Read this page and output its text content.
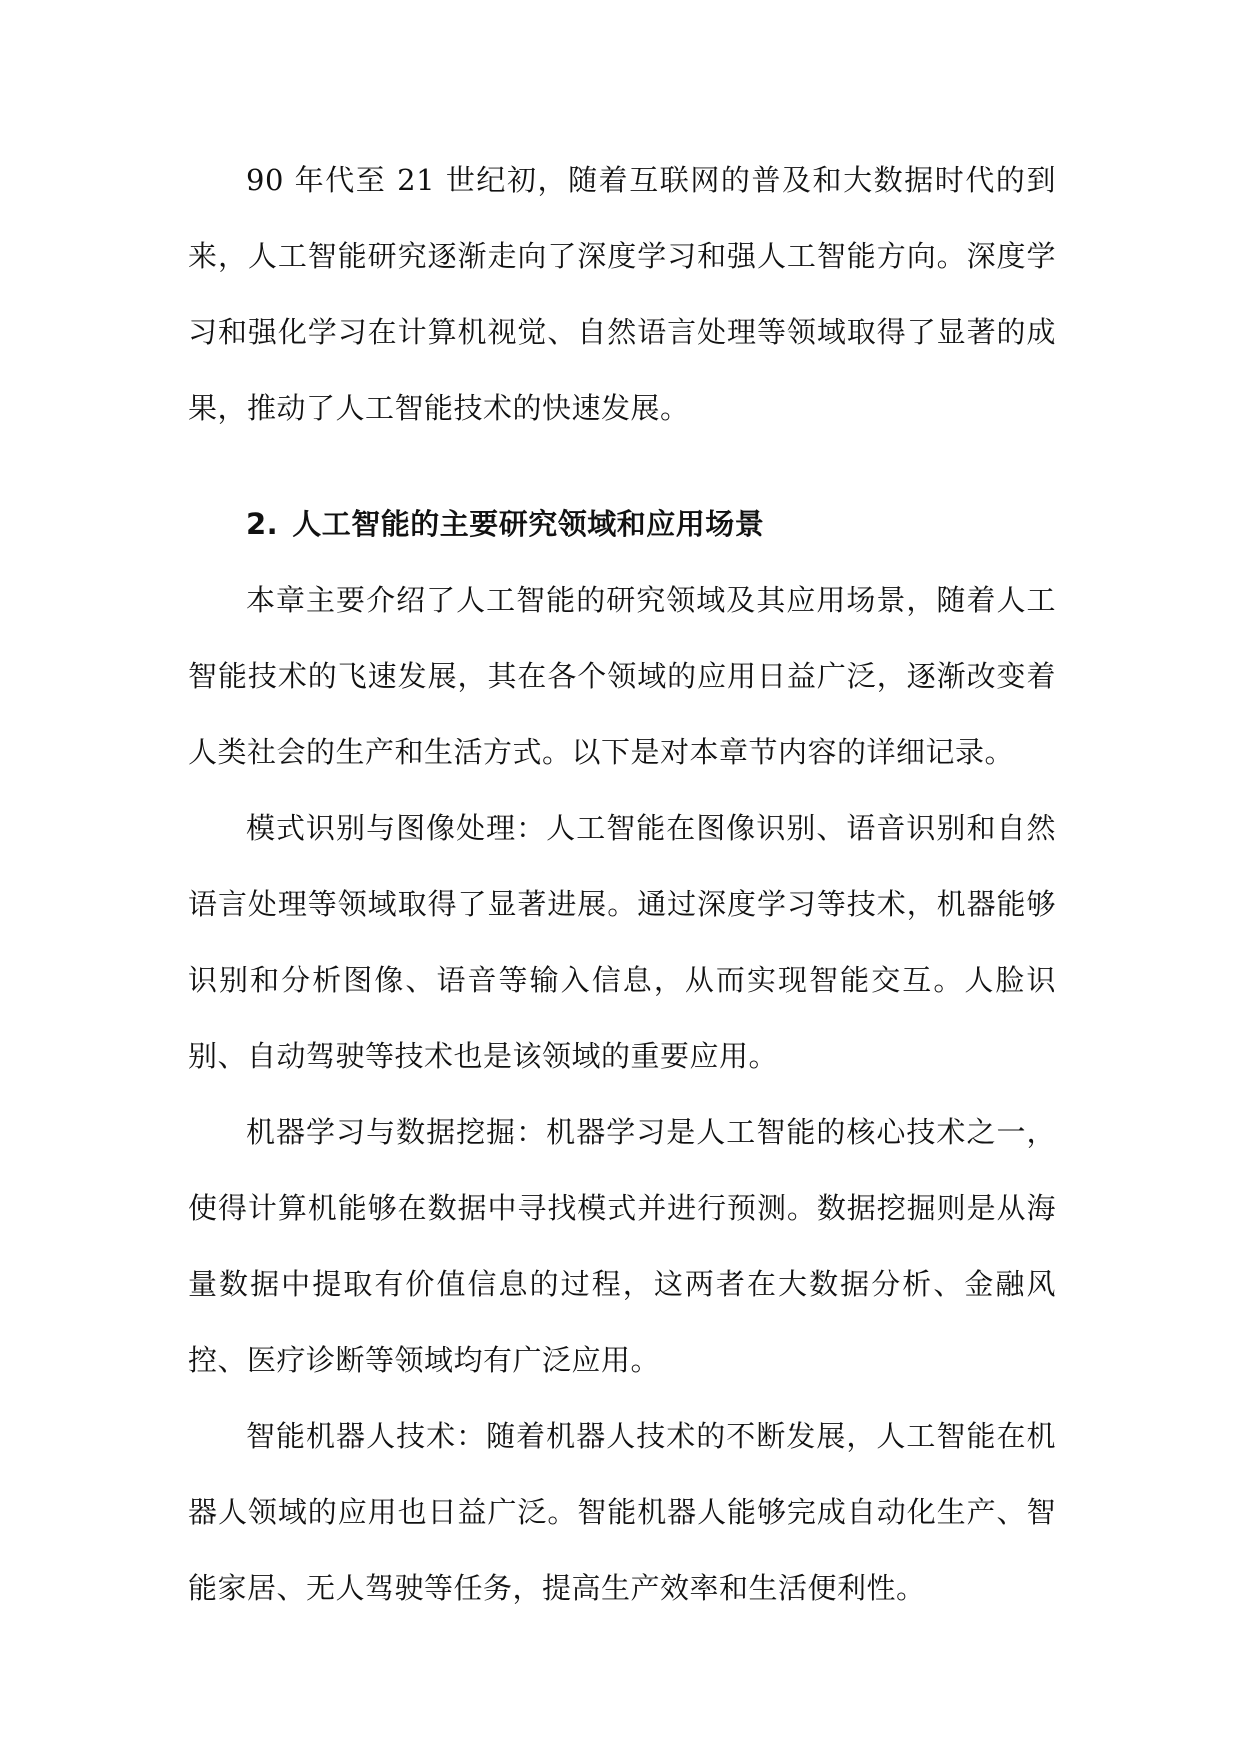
90 年代至 21 世纪初，随着互联网的普及和大数据时代的到来，人工智能研究逐渐走向了深度学习和强人工智能方向。深度学习和强化学习在计算机视觉、自然语言处理等领域取得了显著的成果，推动了人工智能技术的快速发展。

2. 人工智能的主要研究领域和应用场景

本章主要介绍了人工智能的研究领域及其应用场景，随着人工智能技术的飞速发展，其在各个领域的应用日益广泛，逐渐改变着人类社会的生产和生活方式。以下是对本章节内容的详细记录。

模式识别与图像处理：人工智能在图像识别、语音识别和自然语言处理等领域取得了显著进展。通过深度学习等技术，机器能够识别和分析图像、语音等输入信息，从而实现智能交互。人脸识别、自动驾驶等技术也是该领域的重要应用。

机器学习与数据挖掘：机器学习是人工智能的核心技术之一，使得计算机能够在数据中寻找模式并进行预测。数据挖掘则是从海量数据中提取有价值信息的过程，这两者在大数据分析、金融风控、医疗诊断等领域均有广泛应用。

智能机器人技术：随着机器人技术的不断发展，人工智能在机器人领域的应用也日益广泛。智能机器人能够完成自动化生产、智能家居、无人驾驶等任务，提高生产效率和生活便利性。
